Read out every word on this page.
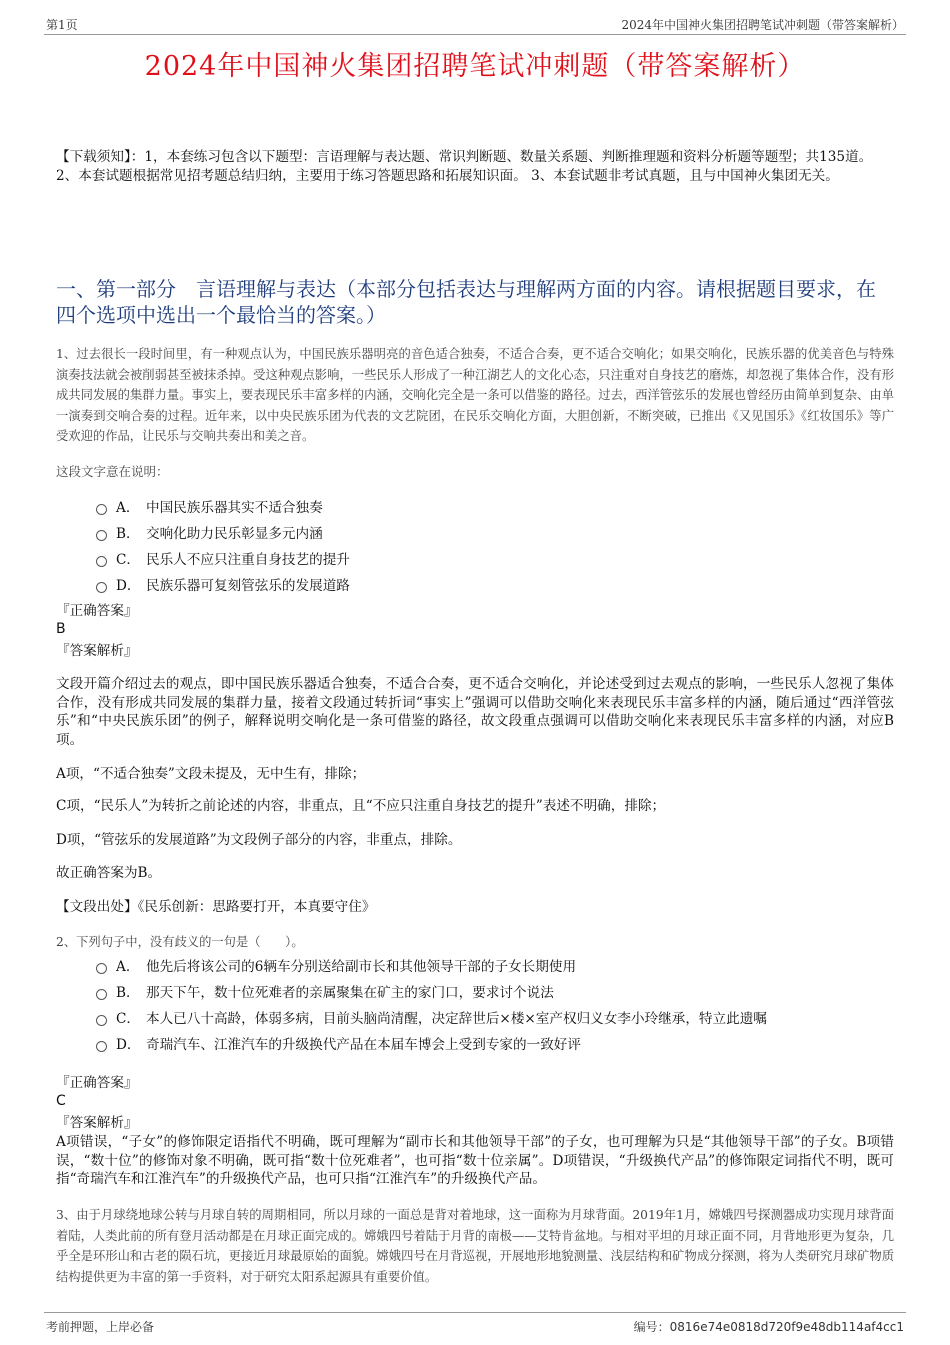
第1页	2024年中国神火集团招聘笔试冲刺题（带答案解析）
2024年中国神火集团招聘笔试冲刺题（带答案解析）
【下载须知】：1，本套练习包含以下题型：言语理解与表达题、常识判断题、数量关系题、判断推理题和资料分析题等题型；共135道。 2、本套试题根据常见招考题总结归纳，主要用于练习答题思路和拓展知识面。 3、本套试题非考试真题，且与中国神火集团无关。
一、第一部分　言语理解与表达（本部分包括表达与理解两方面的内容。请根据题目要求，在四个选项中选出一个最恰当的答案。）
1、过去很长一段时间里，有一种观点认为，中国民族乐器明亮的音色适合独奏，不适合合奏，更不适合交响化；如果交响化，民族乐器的优美音色与特殊演奏技法就会被削弱甚至被抹杀掉。受这种观点影响，一些民乐人形成了一种江湖艺人的文化心态，只注重对自身技艺的磨炼，却忽视了集体合作，没有形成共同发展的集群力量。事实上，要表现民乐丰富多样的内涵，交响化完全是一条可以借鉴的路径。过去，西洋管弦乐的发展也曾经历由简单到复杂、由单一演奏到交响合奏的过程。近年来，以中央民族乐团为代表的文艺院团，在民乐交响化方面，大胆创新，不断突破，已推出《又见国乐》《红妆国乐》等广受欢迎的作品，让民乐与交响共奏出和美之音。
这段文字意在说明：
A． 中国民族乐器其实不适合独奏
B． 交响化助力民乐彰显多元内涵
C． 民乐人不应只注重自身技艺的提升
D． 民族乐器可复刻管弦乐的发展道路
『正确答案』
B
『答案解析』
文段开篇介绍过去的观点，即中国民族乐器适合独奏，不适合合奏，更不适合交响化，并论述受到过去观点的影响，一些民乐人忽视了集体合作，没有形成共同发展的集群力量，接着文段通过转折词“事实上”强调可以借助交响化来表现民乐丰富多样的内涵，随后通过“西洋管弦乐”和“中央民族乐团”的例子，解释说明交响化是一条可借鉴的路径，故文段重点强调可以借助交响化来表现民乐丰富多样的内涵，对应B项。
A项，“不适合独奏”文段未提及，无中生有，排除；
C项，“民乐人”为转折之前论述的内容，非重点，且“不应只注重自身技艺的提升”表述不明确，排除；
D项，“管弦乐的发展道路”为文段例子部分的内容，非重点，排除。
故正确答案为B。
【文段出处】《民乐创新：思路要打开，本真要守住》
2、下列句子中，没有歧义的一句是（　　）。
A． 他先后将该公司的6辆车分别送给副市长和其他领导干部的子女长期使用
B． 那天下午，数十位死难者的亲属聚集在矿主的家门口，要求讨个说法
C． 本人已八十高龄，体弱多病，目前头脑尚清醒，决定辞世后×楼×室产权归义女李小玲继承，特立此遗嘱
D． 奇瑞汽车、江淮汽车的升级换代产品在本届车博会上受到专家的一致好评
『正确答案』
C
『答案解析』
A项错误，“子女”的修饰限定语指代不明确，既可理解为“副市长和其他领导干部”的子女，也可理解为只是“其他领导干部”的子女。B项错误，“数十位”的修饰对象不明确，既可指“数十位死难者”，也可指“数十位亲属”。D项错误，“升级换代产品”的修饰限定词指代不明，既可指“奇瑞汽车和江淮汽车”的升级换代产品，也可只指“江淮汽车”的升级换代产品。
3、由于月球绕地球公转与月球自转的周期相同，所以月球的一面总是背对着地球，这一面称为月球背面。2019年1月，嫦娥四号探测器成功实现月球背面着陆，人类此前的所有登月活动都是在月球正面完成的。嫦娥四号着陆于月背的南极——艾特肯盆地。与相对平坦的月球正面不同，月背地形更为复杂，几乎全是环形山和古老的陨石坑，更接近月球最原始的面貌。嫦娥四号在月背巡视，开展地形地貌测量、浅层结构和矿物成分探测，将为人类研究月球矿物质结构提供更为丰富的第一手资料，对于研究太阳系起源具有重要价值。
考前押题，上岸必备	编号：0816e74e0818d720f9e48db114af4cc1
